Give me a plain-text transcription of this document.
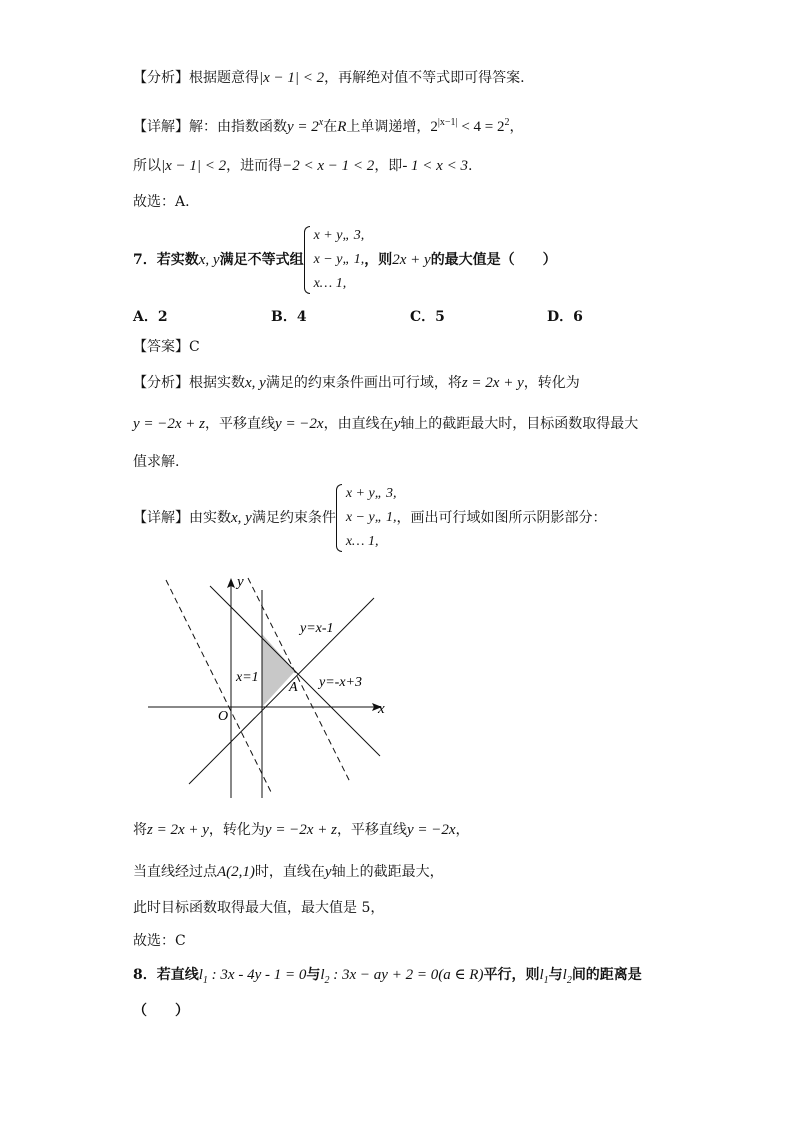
【分析】根据题意得|x − 1| < 2，再解绝对值不等式即可得答案.
【详解】解：由指数函数$y = 2^x$在R上单调递增，$2^{|x-1|} < 4 = 2^2$，
所以|x − 1| < 2，进而得−2 < x − 1 < 2，即- 1 < x < 3.
故选：A.
7．若实数x, y满足不等式组
x + y„ 3,
x − y„ 1,
x… 1,
，则2x + y的最大值是（　　）
A．2	B．4	C．5	D．6
【答案】C
【分析】根据实数x, y满足的约束条件画出可行域，将z = 2x + y，转化为
y = −2x + z，平移直线y = −2x，由直线在y轴上的截距最大时，目标函数取得最大
值求解.
【详解】由实数x, y满足约束条件
x + y„ 3,
x − y„ 1,
x… 1,
，画出可行域如图所示阴影部分：
y
x
O
y=x-1
y=-x+3
x=1
A
将z = 2x + y，转化为y = −2x + z，平移直线y = −2x，
当直线经过点A(2,1)时，直线在y轴上的截距最大，
此时目标函数取得最大值，最大值是 5，
故选：C
8．若直线$l_1$ : 3x - 4y - 1 = 0与$l_2$ : 3x − ay + 2 = 0(a ∈ R)平行，则$l_1$与$l_2$间的距离是
（　　）
